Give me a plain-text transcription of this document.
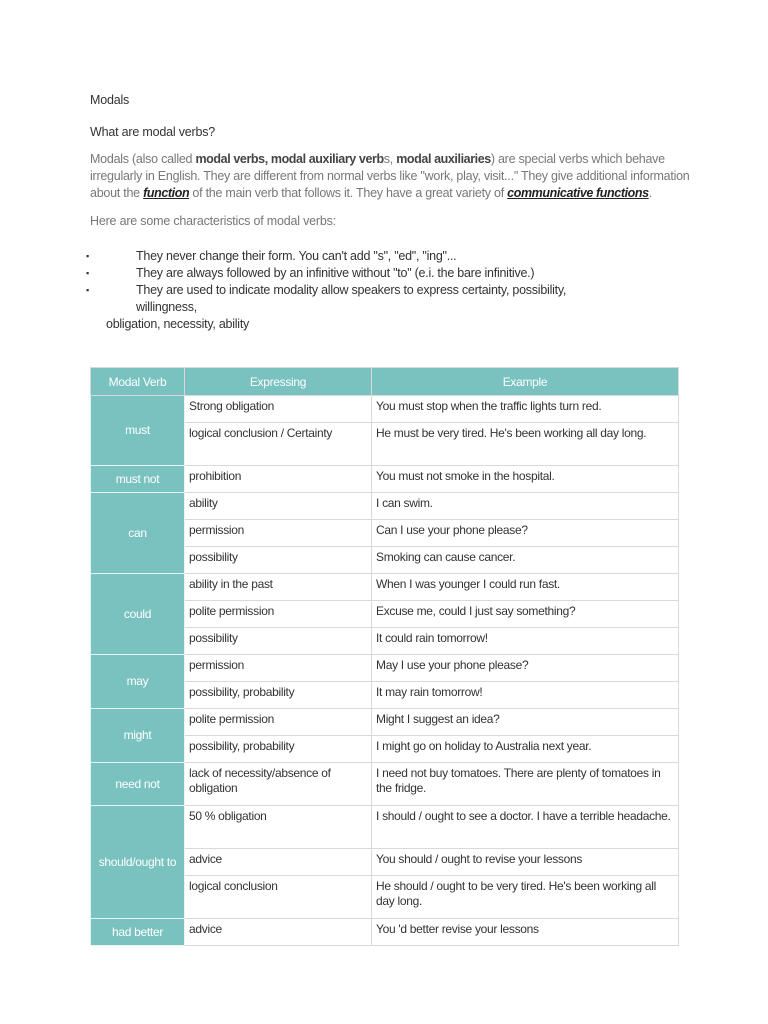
Modals
What are modal verbs?

Modals (also called modal verbs, modal auxiliary verbs, modal auxiliaries) are special verbs which behave irregularly in English. They are different from normal verbs like "work, play, visit..." They give additional information about the function of the main verb that follows it. They have a great variety of communicative functions.

Here are some characteristics of modal verbs:
▪	They never change their form. You can't add "s", "ed", "ing"...
▪	They are always followed by an infinitive without "to" (e.i. the bare infinitive.)
▪	They are used to indicate modality allow speakers to express certainty, possibility, willingness,
obligation, necessity, ability
Modal Verb	Expressing	Example
must	Strong obligation	You must stop when the traffic lights turn red.
	logical conclusion / Certainty	He must be very tired. He's been working all day long.
must not	prohibition	You must not smoke in the hospital.
can	ability	I can swim.
	permission	Can I use your phone please?
	possibility	Smoking can cause cancer.
could	ability in the past	When I was younger I could run fast.
	polite permission	Excuse me, could I just say something?
	possibility	It could rain tomorrow!
may	permission	May I use your phone please?
	possibility, probability	It may rain tomorrow!
might	polite permission	Might I suggest an idea?
	possibility, probability	I might go on holiday to Australia next year.
need not	lack of necessity/absence of obligation	I need not buy tomatoes. There are plenty of tomatoes in the fridge.
should/ought to	50 % obligation	I should / ought to see a doctor. I have a terrible headache.
	advice	You should / ought to revise your lessons
	logical conclusion	He should / ought to be very tired. He's been working all day long.
had better	advice	You 'd better revise your lessons
